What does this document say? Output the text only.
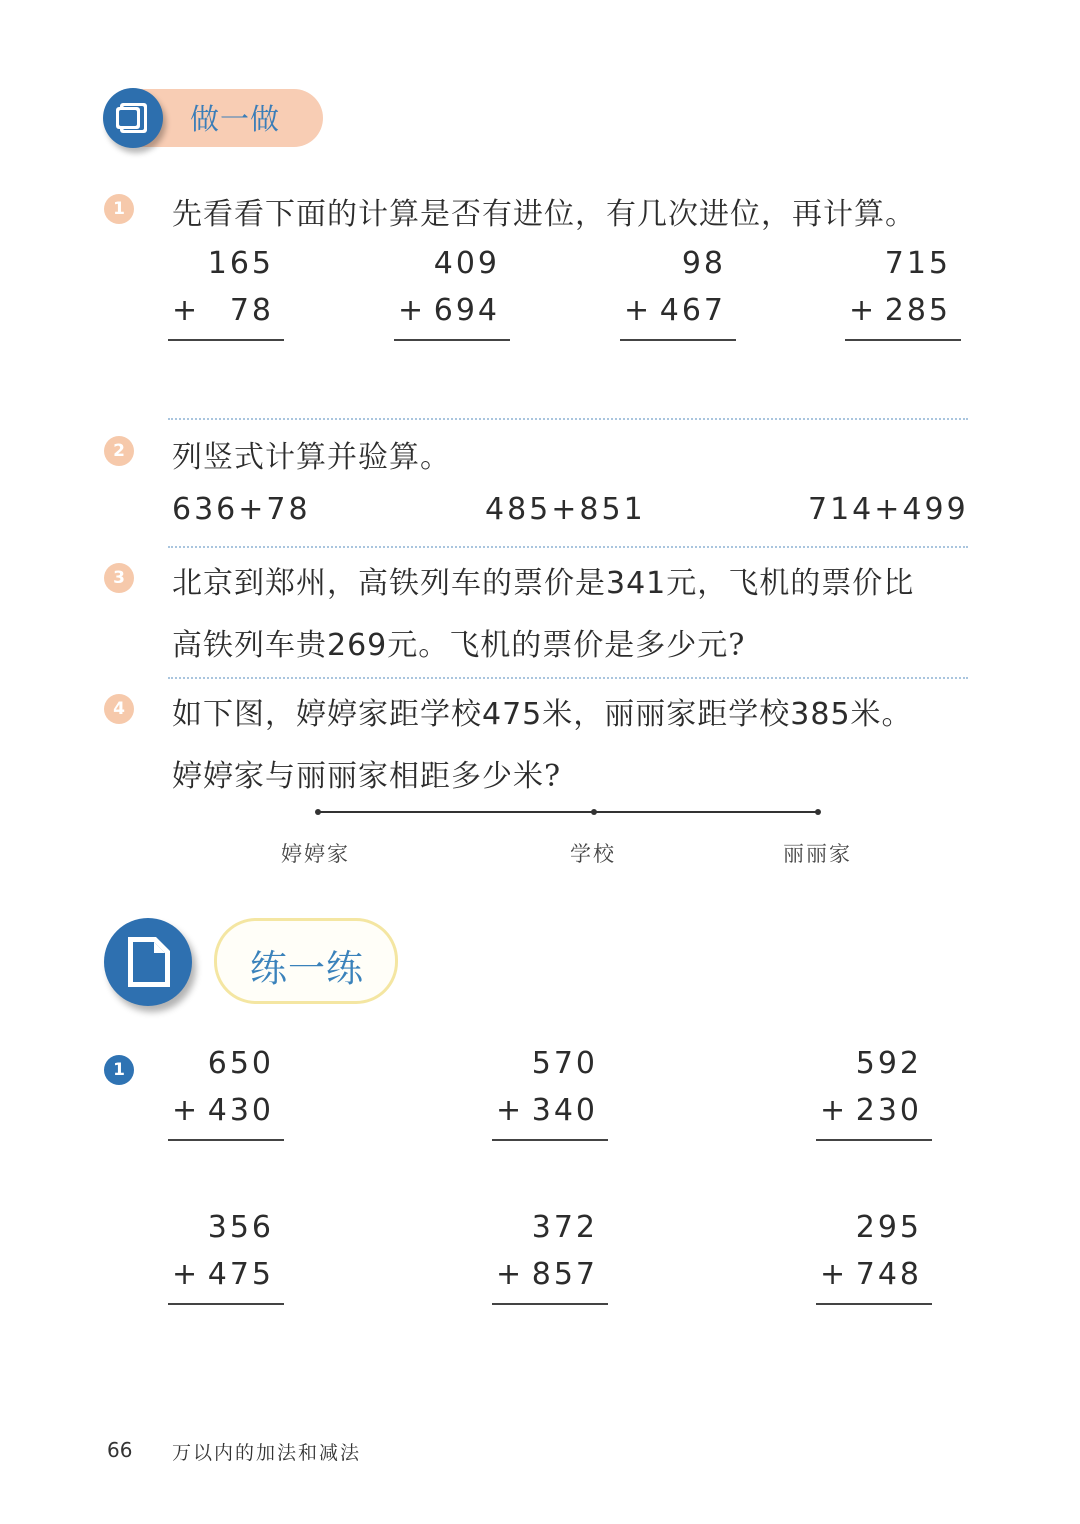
做一做
1	先看看下面的计算是否有进位，有几次进位，再计算。
165
+ 78
409
+ 694
98
+ 467
715
+ 285
2	列竖式计算并验算。
636+78	485+851	714+499
3	北京到郑州，高铁列车的票价是341元，飞机的票价比
高铁列车贵269元。飞机的票价是多少元?
4	如下图，婷婷家距学校475米，丽丽家距学校385米。
婷婷家与丽丽家相距多少米?
婷婷家	学校	丽丽家
练一练
1	650
+ 430
570
+ 340
592
+ 230
356
+ 475
372
+ 857
295
+ 748
66 万以内的加法和减法
